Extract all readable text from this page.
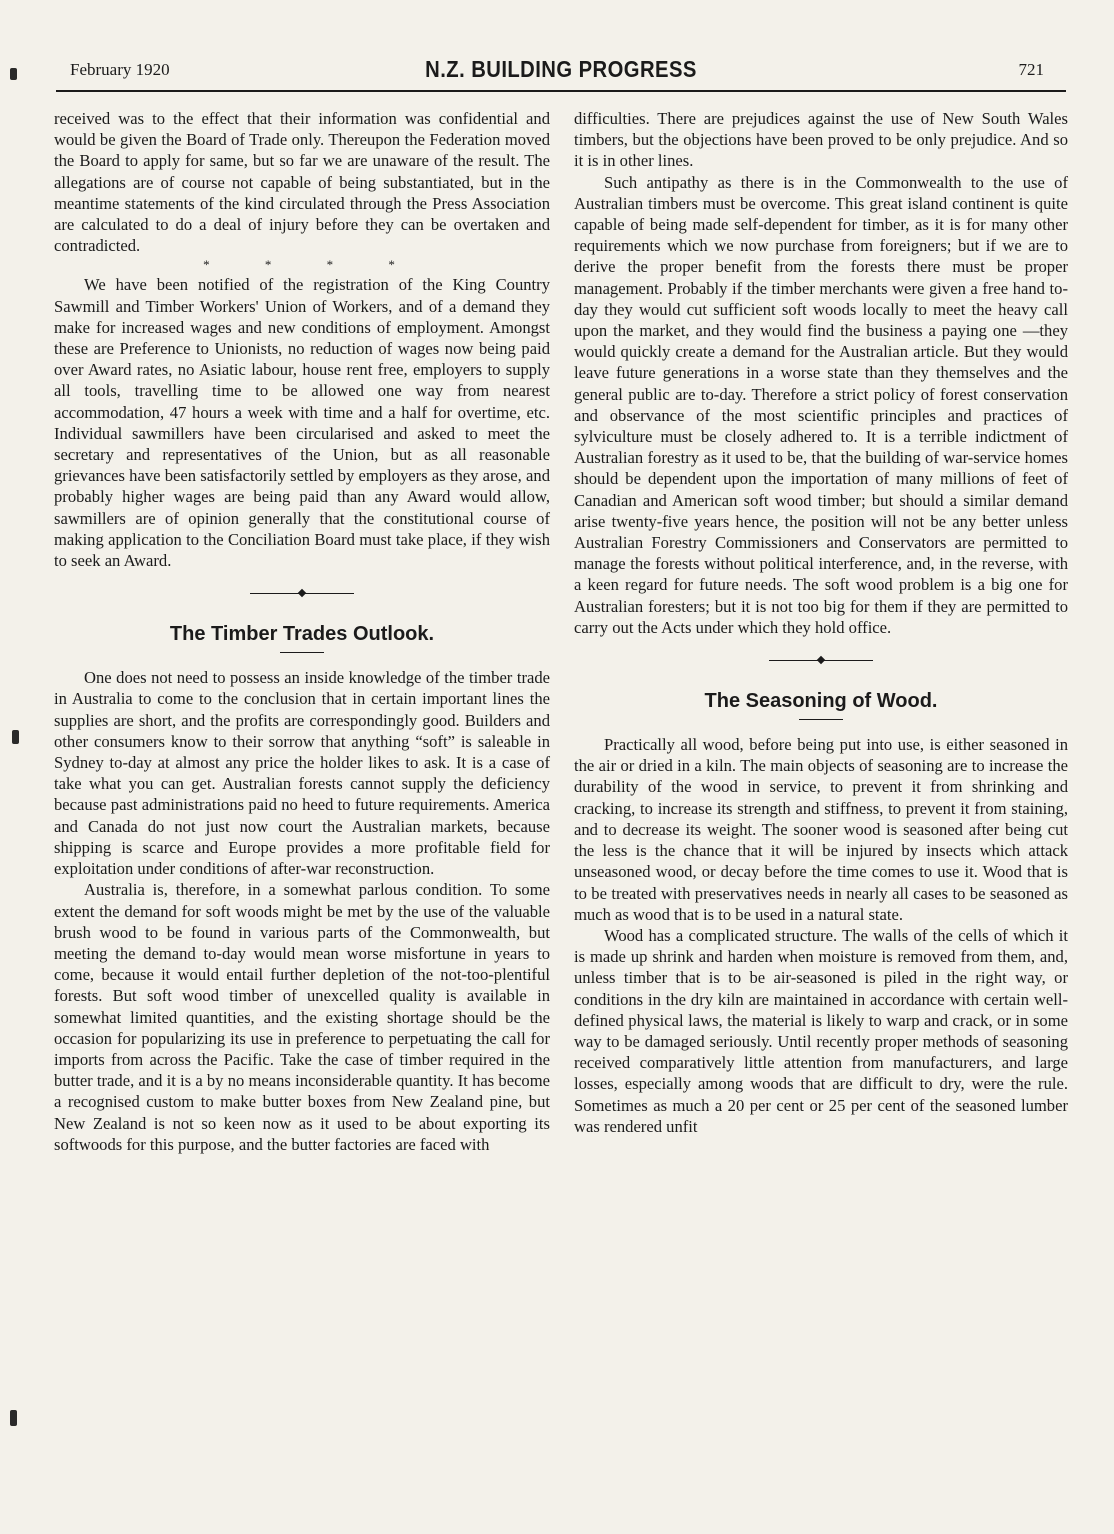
February 1920	N.Z. BUILDING PROGRESS	721

received was to the effect that their information was confidential and would be given the Board of Trade only. Thereupon the Federation moved the Board to apply for same, but so far we are unaware of the result. The allegations are of course not capable of being substantiated, but in the meantime statements of the kind circulated through the Press Association are calculated to do a deal of injury before they can be overtaken and contradicted.

* * * *

We have been notified of the registration of the King Country Sawmill and Timber Workers' Union of Workers, and of a demand they make for increased wages and new conditions of employment. Amongst these are Preference to Unionists, no reduction of wages now being paid over Award rates, no Asiatic labour, house rent free, employers to supply all tools, travelling time to be allowed one way from nearest accommodation, 47 hours a week with time and a half for overtime, etc. Individual sawmillers have been circularised and asked to meet the secretary and representatives of the Union, but as all reasonable grievances have been satisfactorily settled by employers as they arose, and probably higher wages are being paid than any Award would allow, sawmillers are of opinion generally that the constitutional course of making application to the Conciliation Board must take place, if they wish to seek an Award.

The Timber Trades Outlook.

One does not need to possess an inside knowledge of the timber trade in Australia to come to the conclusion that in certain important lines the supplies are short, and the profits are correspondingly good. Builders and other consumers know to their sorrow that anything “soft” is saleable in Sydney to-day at almost any price the holder likes to ask. It is a case of take what you can get. Australian forests cannot supply the deficiency because past administrations paid no heed to future requirements. America and Canada do not just now court the Australian markets, because shipping is scarce and Europe provides a more profitable field for exploitation under conditions of after-war reconstruction.

Australia is, therefore, in a somewhat parlous condition. To some extent the demand for soft woods might be met by the use of the valuable brush wood to be found in various parts of the Commonwealth, but meeting the demand to-day would mean worse misfortune in years to come, because it would entail further depletion of the not-too-plentiful forests. But soft wood timber of unexcelled quality is available in somewhat limited quantities, and the existing shortage should be the occasion for popularizing its use in preference to perpetuating the call for imports from across the Pacific. Take the case of timber required in the butter trade, and it is a by no means inconsiderable quantity. It has become a recognised custom to make butter boxes from New Zealand pine, but New Zealand is not so keen now as it used to be about exporting its softwoods for this purpose, and the butter factories are faced with

difficulties. There are prejudices against the use of New South Wales timbers, but the objections have been proved to be only prejudice. And so it is in other lines.

Such antipathy as there is in the Commonwealth to the use of Australian timbers must be overcome. This great island continent is quite capable of being made self-dependent for timber, as it is for many other requirements which we now purchase from foreigners; but if we are to derive the proper benefit from the forests there must be proper management. Probably if the timber merchants were given a free hand to-day they would cut sufficient soft woods locally to meet the heavy call upon the market, and they would find the business a paying one —they would quickly create a demand for the Australian article. But they would leave future generations in a worse state than they themselves and the general public are to-day. Therefore a strict policy of forest conservation and observance of the most scientific principles and practices of sylviculture must be closely adhered to. It is a terrible indictment of Australian forestry as it used to be, that the building of war-service homes should be dependent upon the importation of many millions of feet of Canadian and American soft wood timber; but should a similar demand arise twenty-five years hence, the position will not be any better unless Australian Forestry Commissioners and Conservators are permitted to manage the forests without political interference, and, in the reverse, with a keen regard for future needs. The soft wood problem is a big one for Australian foresters; but it is not too big for them if they are permitted to carry out the Acts under which they hold office.

The Seasoning of Wood.

Practically all wood, before being put into use, is either seasoned in the air or dried in a kiln. The main objects of seasoning are to increase the durability of the wood in service, to prevent it from shrinking and cracking, to increase its strength and stiffness, to prevent it from staining, and to decrease its weight. The sooner wood is seasoned after being cut the less is the chance that it will be injured by insects which attack unseasoned wood, or decay before the time comes to use it. Wood that is to be treated with preservatives needs in nearly all cases to be seasoned as much as wood that is to be used in a natural state.

Wood has a complicated structure. The walls of the cells of which it is made up shrink and harden when moisture is removed from them, and, unless timber that is to be air-seasoned is piled in the right way, or conditions in the dry kiln are maintained in accordance with certain well-defined physical laws, the material is likely to warp and crack, or in some way to be damaged seriously. Until recently proper methods of seasoning received comparatively little attention from manufacturers, and large losses, especially among woods that are difficult to dry, were the rule. Sometimes as much a 20 per cent or 25 per cent of the seasoned lumber was rendered unfit
